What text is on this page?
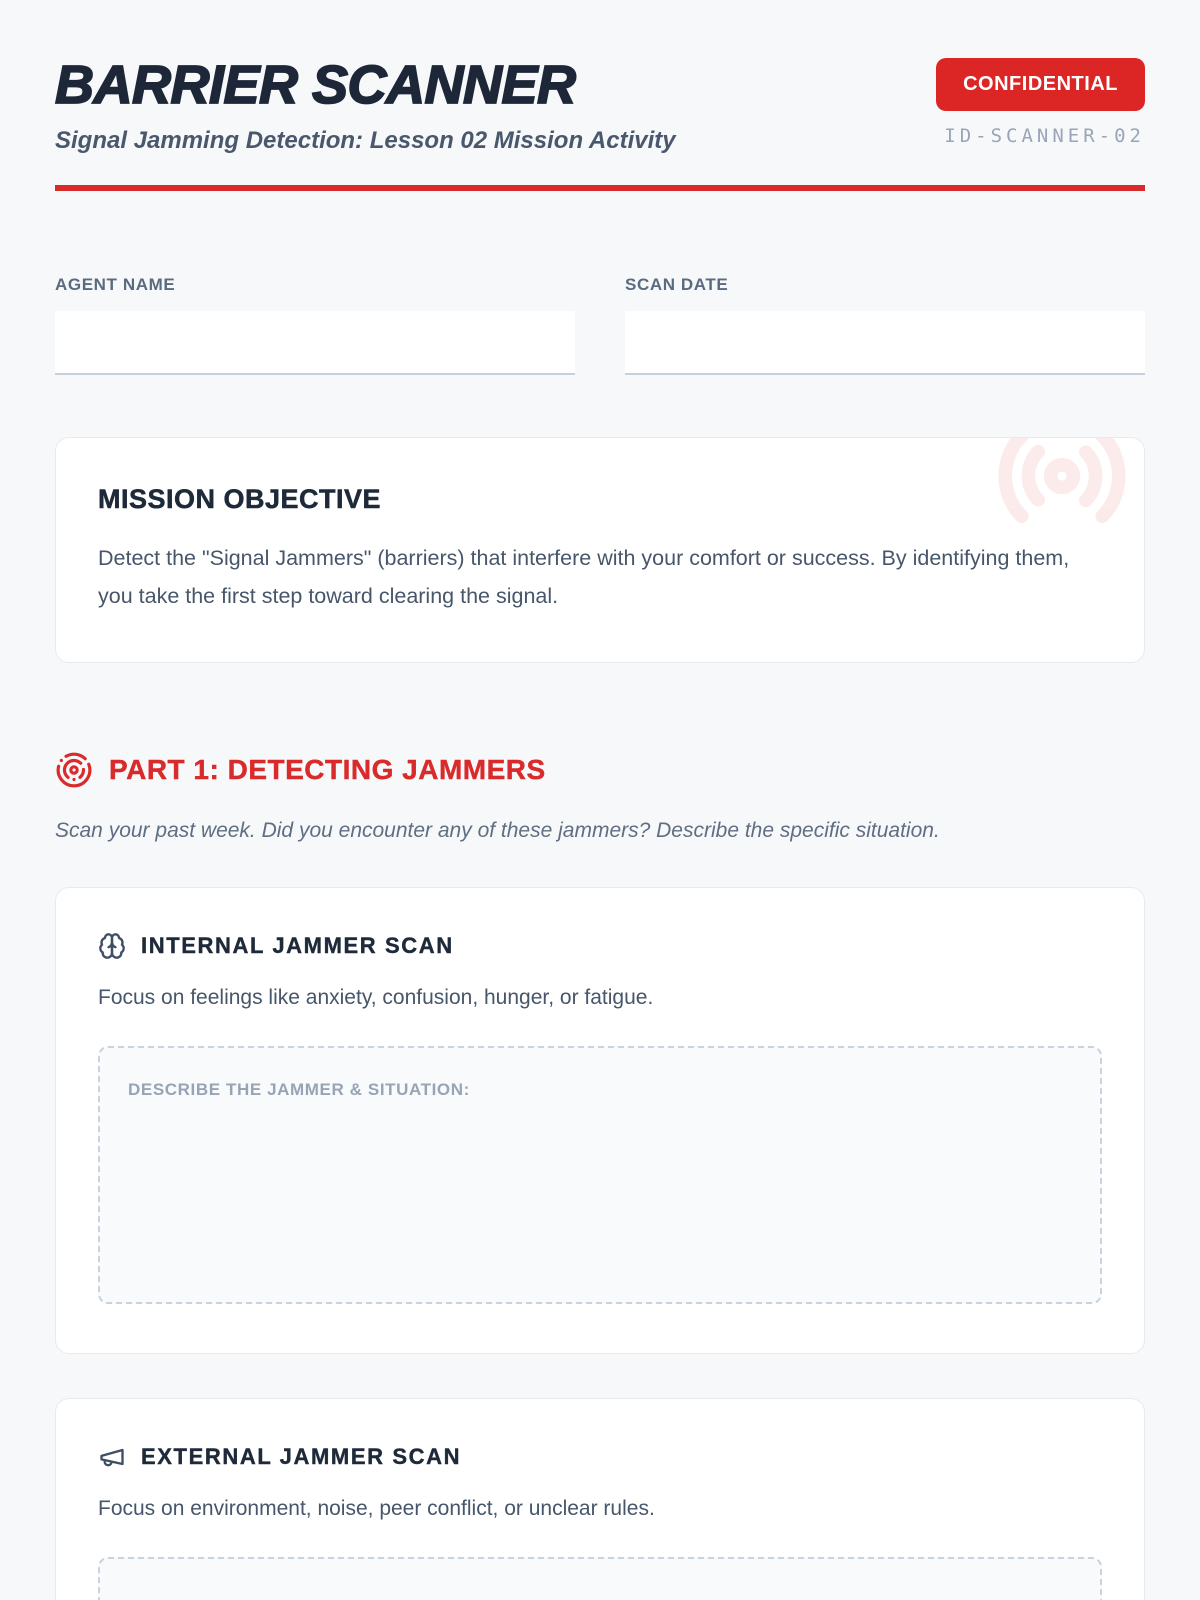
BARRIER SCANNER
Signal Jamming Detection: Lesson 02 Mission Activity
CONFIDENTIAL
ID-SCANNER-02
AGENT NAME	SCAN DATE
MISSION OBJECTIVE

Detect the "Signal Jammers" (barriers) that interfere with your comfort or success. By identifying them, you take the first step toward clearing the signal.

PART 1: DETECTING JAMMERS

Scan your past week. Did you encounter any of these jammers? Describe the specific situation.

INTERNAL JAMMER SCAN

Focus on feelings like anxiety, confusion, hunger, or fatigue.

DESCRIBE THE JAMMER & SITUATION:
EXTERNAL JAMMER SCAN

Focus on environment, noise, peer conflict, or unclear rules.
